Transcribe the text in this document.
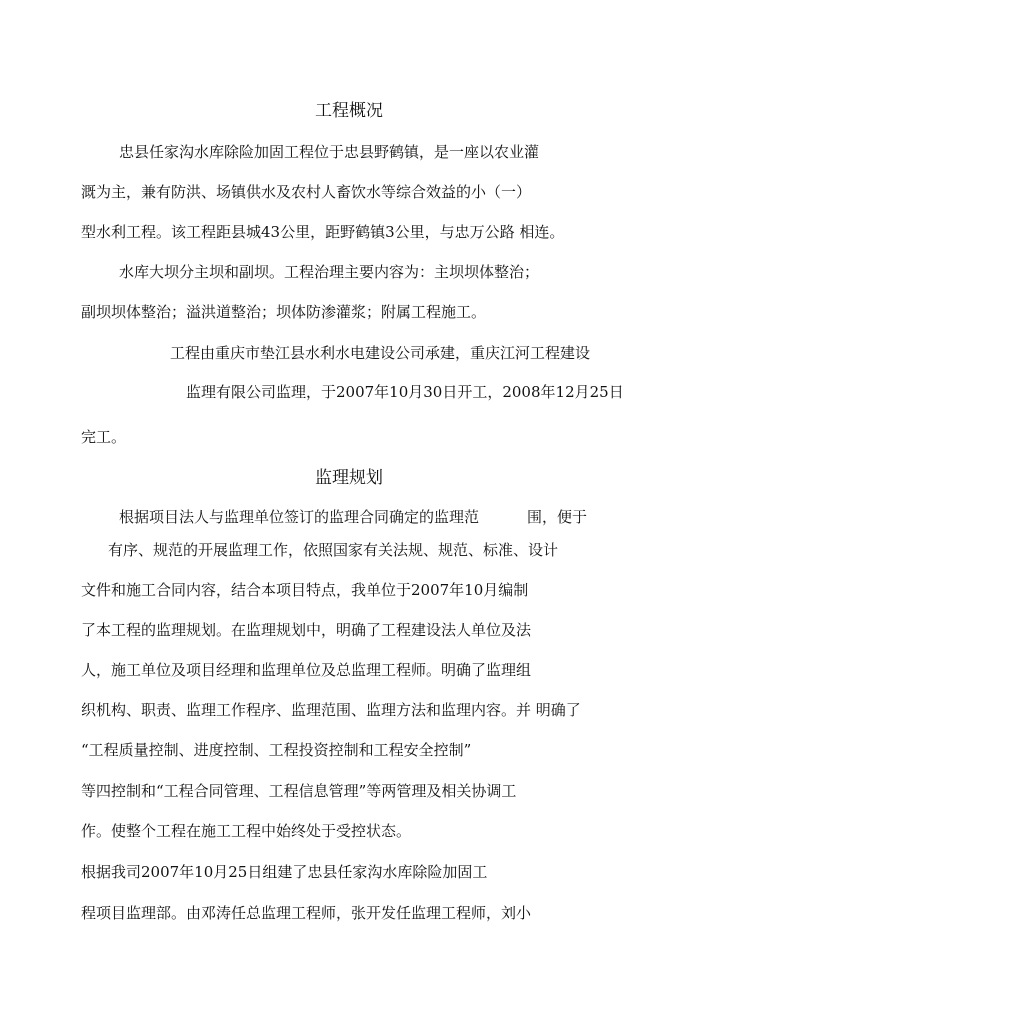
工程概况
忠县任家沟水库除险加固工程位于忠县野鹤镇，是一座以农业灌
溉为主，兼有防洪、场镇供水及农村人畜饮水等综合效益的小（一）
型水利工程。该工程距县城43公里，距野鹤镇3公里，与忠万公路 相连。
水库大坝分主坝和副坝。工程治理主要内容为：主坝坝体整治；
副坝坝体整治；溢洪道整治；坝体防渗灌浆；附属工程施工。
工程由重庆市垫江县水利水电建设公司承建，重庆江河工程建设
监理有限公司监理，于2007年10月30日开工，2008年12月25日
完工。
监理规划
根据项目法人与监理单位签订的监理合同确定的监理范	围，便于
有序、规范的开展监理工作，依照国家有关法规、规范、标准、设计
文件和施工合同内容，结合本项目特点，我单位于2007年10月编制
了本工程的监理规划。在监理规划中，明确了工程建设法人单位及法
人，施工单位及项目经理和监理单位及总监理工程师。明确了监理组
织机构、职责、监理工作程序、监理范围、监理方法和监理内容。并 明确了
“工程质量控制、进度控制、工程投资控制和工程安全控制”
等四控制和“工程合同管理、工程信息管理”等两管理及相关协调工
作。使整个工程在施工工程中始终处于受控状态。
根据我司2007年10月25日组建了忠县任家沟水库除险加固工
程项目监理部。由邓涛任总监理工程师，张开发任监理工程师，刘小
